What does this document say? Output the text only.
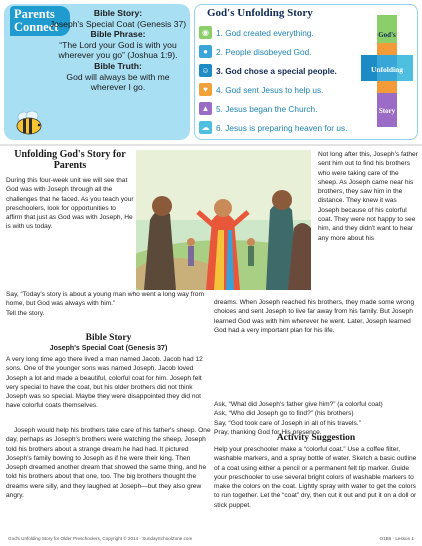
Parents Connect
Bible Story:
Joseph's Special Coat (Genesis 37)
Bible Phrase:
“The Lord your God is with you wherever you go” (Joshua 1:9).
Bible Truth:
God will always be with me wherever I go.
God's Unfolding Story
◉ 1. God created everything.
● 2. People disobeyed God.
☺ 3. God chose a special people.
♥ 4. God sent Jesus to help us.
▲ 5. Jesus began the Church.
☁ 6. Jesus is preparing heaven for us.
God's
Unfolding
Story
Unfolding God's Story for Parents
During this four-week unit we will see that God was with Joseph through all the challenges that he faced. As you teach your preschoolers, look for opportunities to affirm that just as God was with Joseph, He is with us today.
Not long after this, Joseph's father sent him out to find his brothers who were taking care of the sheep. As Joseph came near his brothers, they saw him in the distance. They knew it was Joseph because of his colorful coat. They were not happy to see him, and they didn't want to hear any more about his
Say, “Today's story is about a young man who went a long way from home, but God was always with him.”
Tell the story.
dreams. When Joseph reached his brothers, they made some wrong choices and sent Joseph to live far away from his family. But Joseph learned God was with him wherever he went. Later, Joseph learned God had a very important plan for his life.
Ask, “What did Joseph's father give him?” (a colorful coat)
Ask, “Who did Joseph go to find?” (his brothers)
Say, “God took care of Joseph in all of his travels.”
Pray, thanking God for His presence.
Bible Story
Joseph's Special Coat (Genesis 37)
A very long time ago there lived a man named Jacob. Jacob had 12 sons. One of the younger sons was named Joseph. Jacob loved Joseph a lot and made a beautiful, colorful coat for him. Joseph felt very special to have the coat, but his older brothers did not think Joseph was so special. Maybe they were disappointed they did not have colorful coats themselves.
Joseph would help his brothers take care of his father's sheep. One day, perhaps as Joseph's brothers were watching the sheep, Joseph told his brothers about a strange dream he had had. It pictured Joseph's family bowing to Joseph as if he were their king. Then Joseph dreamed another dream that showed the same thing, and he told his brothers about that one, too. The big brothers thought the dreams were silly, and they laughed at Joseph—but they also grew angry.
Activity Suggestion
Help your preschooler make a “colorful coat.” Use a coffee filter, washable markers, and a spray bottle of water. Sketch a basic outline of a coat using either a pencil or a permanent felt tip marker. Guide your preschooler to use several bright colors of washable markers to make the colors on the coat. Lightly spray with water to get the colors to run together. Let the “coat” dry, then cut it out and put it on a doll or stick puppet.
God's Unfolding Story for Older Preschoolers, Copyright © 2014 · SundaySchoolZone.com	O1B5 · Lesson 1
